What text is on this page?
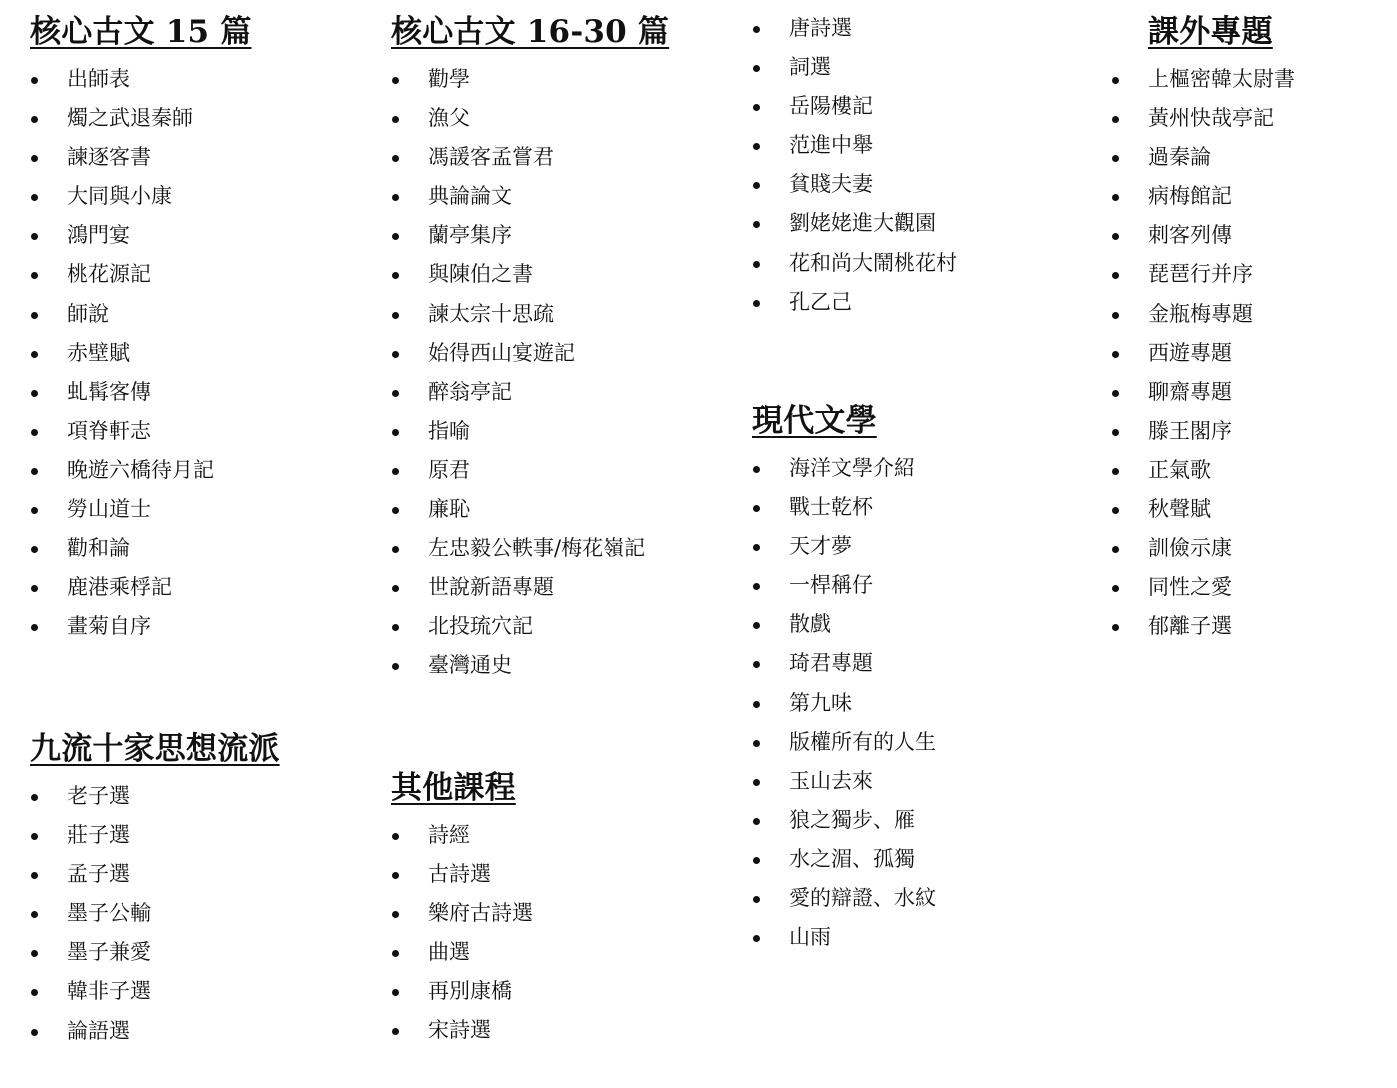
核心古文 15 篇
出師表
燭之武退秦師
諫逐客書
大同與小康
鴻門宴
桃花源記
師說
赤壁賦
虬髯客傳
項脊軒志
晚遊六橋待月記
勞山道士
勸和論
鹿港乘桴記
畫菊自序
九流十家思想流派
老子選
莊子選
孟子選
墨子公輸
墨子兼愛
韓非子選
論語選
核心古文 16-30 篇
勸學
漁父
馮諼客孟嘗君
典論論文
蘭亭集序
與陳伯之書
諫太宗十思疏
始得西山宴遊記
醉翁亭記
指喻
原君
廉恥
左忠毅公軼事/梅花嶺記
世說新語專題
北投琉穴記
臺灣通史
其他課程
詩經
古詩選
樂府古詩選
曲選
再別康橋
宋詩選
唐詩選
詞選
岳陽樓記
范進中舉
貧賤夫妻
劉姥姥進大觀園
花和尚大鬧桃花村
孔乙己
現代文學
海洋文學介紹
戰士乾杯
天才夢
一桿稱仔
散戲
琦君專題
第九味
版權所有的人生
玉山去來
狼之獨步、雁
水之湄、孤獨
愛的辯證、水紋
山雨
課外專題
上樞密韓太尉書
黃州快哉亭記
過秦論
病梅館記
刺客列傳
琵琶行并序
金瓶梅專題
西遊專題
聊齋專題
滕王閣序
正氣歌
秋聲賦
訓儉示康
同性之愛
郁離子選
